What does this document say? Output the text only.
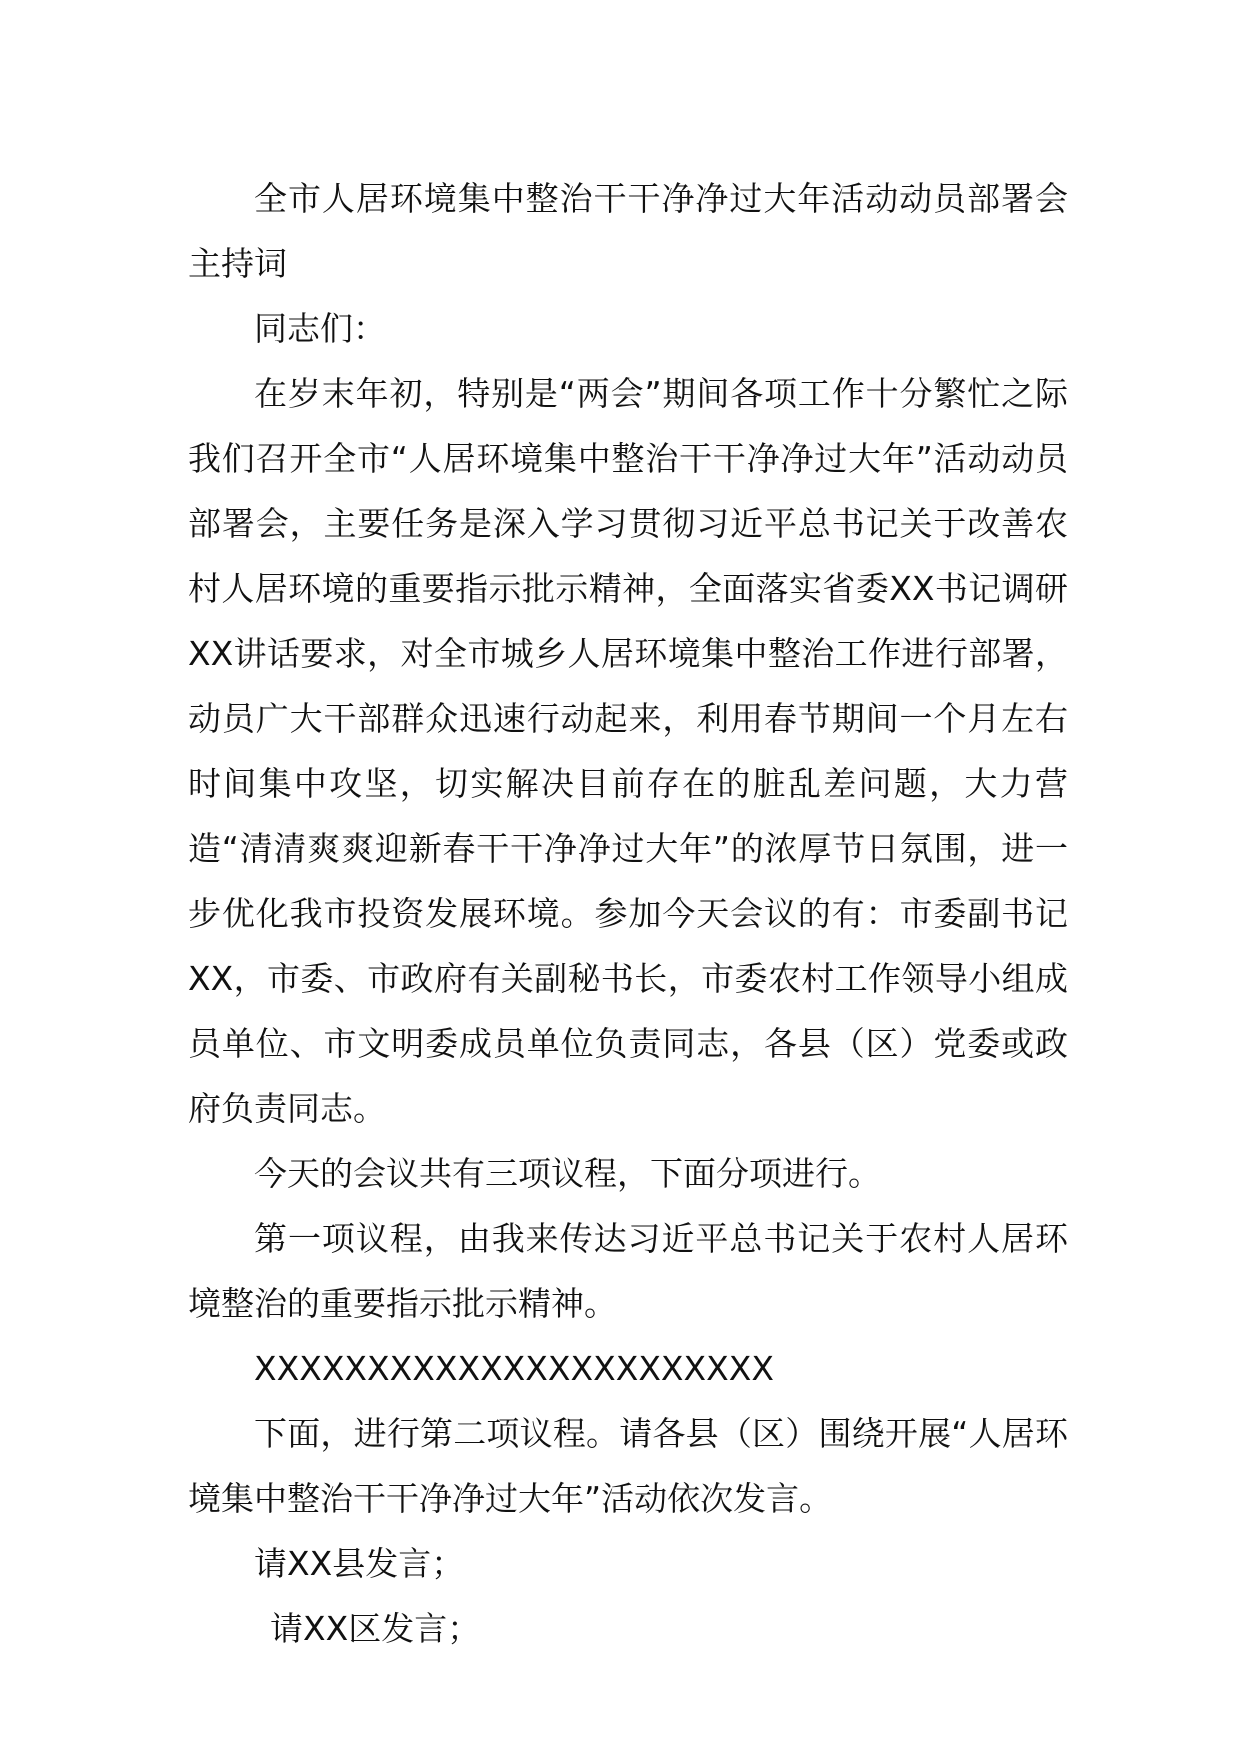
全市人居环境集中整治干干净净过大年活动动员部署会主持词

同志们：

在岁末年初，特别是“两会”期间各项工作十分繁忙之际我们召开全市“人居环境集中整治干干净净过大年”活动动员部署会，主要任务是深入学习贯彻习近平总书记关于改善农村人居环境的重要指示批示精神，全面落实省委XX书记调研XX讲话要求，对全市城乡人居环境集中整治工作进行部署，动员广大干部群众迅速行动起来，利用春节期间一个月左右时间集中攻坚，切实解决目前存在的脏乱差问题，大力营造“清清爽爽迎新春干干净净过大年”的浓厚节日氛围，进一步优化我市投资发展环境。参加今天会议的有：市委副书记XX，市委、市政府有关副秘书长，市委农村工作领导小组成员单位、市文明委成员单位负责同志，各县（区）党委或政府负责同志。

今天的会议共有三项议程，下面分项进行。

第一项议程，由我来传达习近平总书记关于农村人居环境整治的重要指示批示精神。

XXXXXXXXXXXXXXXXXXXXXXX

下面，进行第二项议程。请各县（区）围绕开展“人居环境集中整治干干净净过大年”活动依次发言。

请XX县发言；

请XX区发言；
